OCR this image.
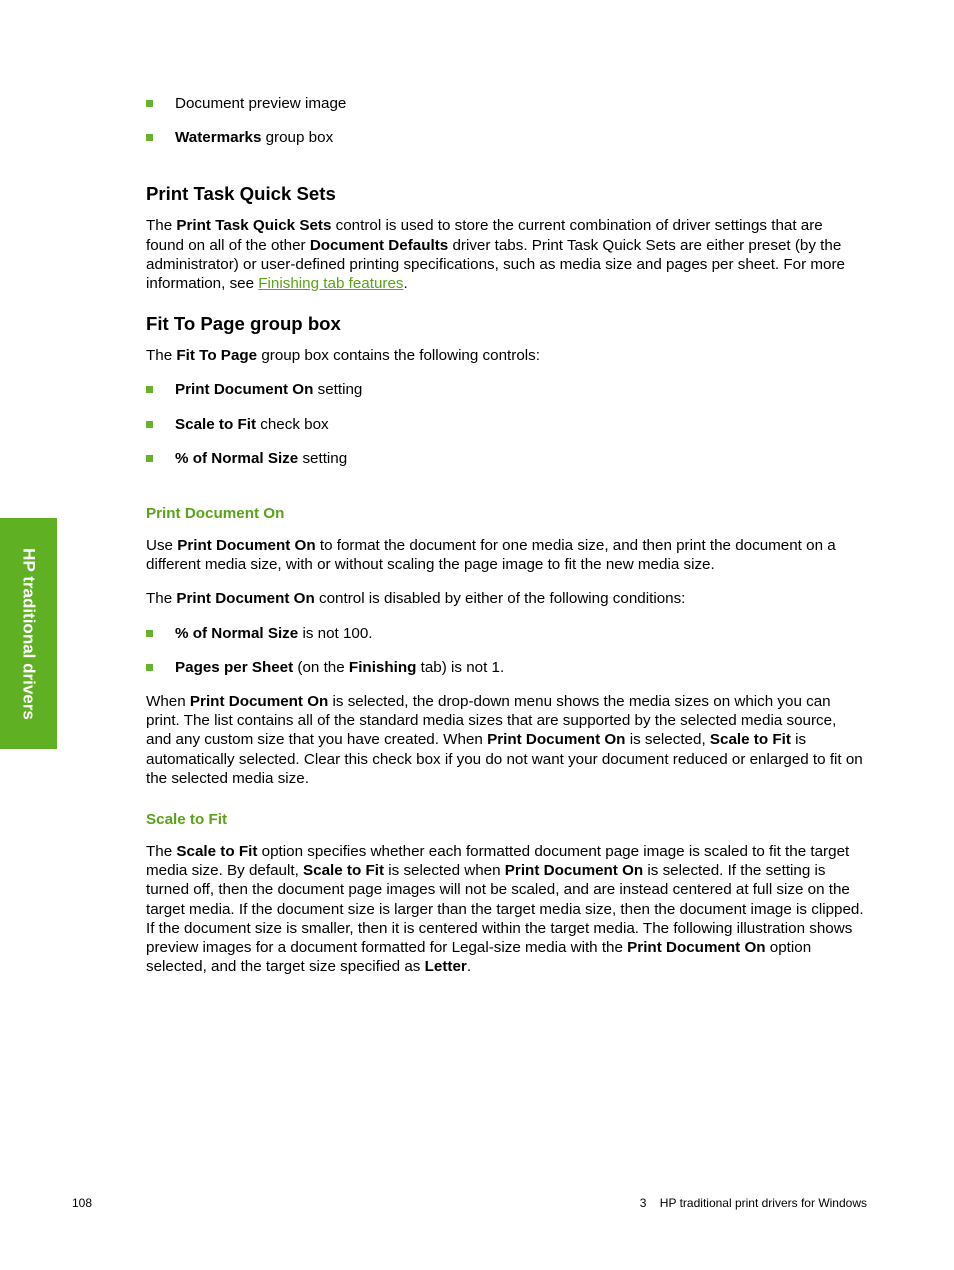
Document preview image
Watermarks group box
Print Task Quick Sets

The Print Task Quick Sets control is used to store the current combination of driver settings that are found on all of the other Document Defaults driver tabs. Print Task Quick Sets are either preset (by the administrator) or user-defined printing specifications, such as media size and pages per sheet. For more information, see Finishing tab features.

Fit To Page group box

The Fit To Page group box contains the following controls:

Print Document On setting
Scale to Fit check box
% of Normal Size setting
Print Document On

Use Print Document On to format the document for one media size, and then print the document on a different media size, with or without scaling the page image to fit the new media size.

The Print Document On control is disabled by either of the following conditions:

% of Normal Size is not 100.
Pages per Sheet (on the Finishing tab) is not 1.

When Print Document On is selected, the drop-down menu shows the media sizes on which you can print. The list contains all of the standard media sizes that are supported by the selected media source, and any custom size that you have created. When Print Document On is selected, Scale to Fit is automatically selected. Clear this check box if you do not want your document reduced or enlarged to fit on the selected media size.

Scale to Fit

The Scale to Fit option specifies whether each formatted document page image is scaled to fit the target media size. By default, Scale to Fit is selected when Print Document On is selected. If the setting is turned off, then the document page images will not be scaled, and are instead centered at full size on the target media. If the document size is larger than the target media size, then the document image is clipped. If the document size is smaller, then it is centered within the target media. The following illustration shows preview images for a document formatted for Legal-size media with the Print Document On option selected, and the target size specified as Letter.

HP traditional drivers
108	3    HP traditional print drivers for Windows
